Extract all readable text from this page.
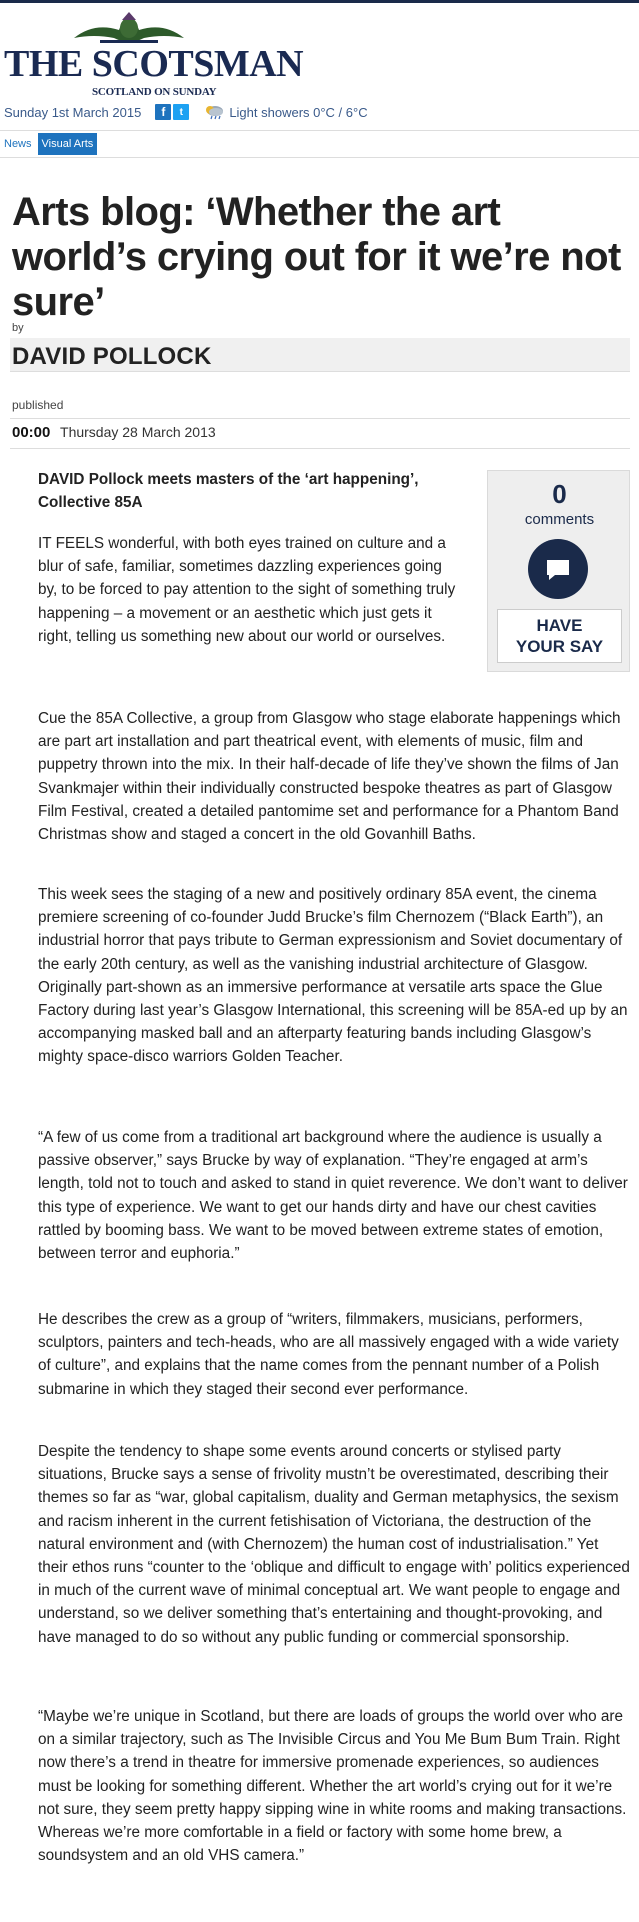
THE SCOTSMAN
SCOTLAND ON SUNDAY
Sunday 1st March 2015	f	t	Light showers 0°C / 6°C
News Visual Arts
Arts blog: ‘Whether the art world’s crying out for it we’re not sure’
by
DAVID POLLOCK
published
00:00 Thursday 28 March 2013
DAVID Pollock meets masters of the ‘art happening’, Collective 85A
IT FEELS wonderful, with both eyes trained on culture and a blur of safe, familiar, sometimes dazzling experiences going by, to be forced to pay attention to the sight of something truly happening – a movement or an aesthetic which just gets it right, telling us something new about our world or ourselves.
Cue the 85A Collective, a group from Glasgow who stage elaborate happenings which are part art installation and part theatrical event, with elements of music, film and puppetry thrown into the mix. In their half-decade of life they’ve shown the films of Jan Svankmajer within their individually constructed bespoke theatres as part of Glasgow Film Festival, created a detailed pantomime set and performance for a Phantom Band Christmas show and staged a concert in the old Govanhill Baths.
This week sees the staging of a new and positively ordinary 85A event, the cinema premiere screening of co-founder Judd Brucke’s film Chernozem (“Black Earth”), an industrial horror that pays tribute to German expressionism and Soviet documentary of the early 20th century, as well as the vanishing industrial architecture of Glasgow. Originally part-shown as an immersive performance at versatile arts space the Glue Factory during last year’s Glasgow International, this screening will be 85A-ed up by an accompanying masked ball and an afterparty featuring bands including Glasgow’s mighty space-disco warriors Golden Teacher.
“A few of us come from a traditional art background where the audience is usually a passive observer,” says Brucke by way of explanation. “They’re engaged at arm’s length, told not to touch and asked to stand in quiet reverence. We don’t want to deliver this type of experience. We want to get our hands dirty and have our chest cavities rattled by booming bass. We want to be moved between extreme states of emotion, between terror and euphoria.”
He describes the crew as a group of “writers, filmmakers, musicians, performers, sculptors, painters and tech-heads, who are all massively engaged with a wide variety of culture”, and explains that the name comes from the pennant number of a Polish submarine in which they staged their second ever performance.
Despite the tendency to shape some events around concerts or stylised party situations, Brucke says a sense of frivolity mustn’t be overestimated, describing their themes so far as “war, global capitalism, duality and German metaphysics, the sexism and racism inherent in the current fetishisation of Victoriana, the destruction of the natural environment and (with Chernozem) the human cost of industrialisation.” Yet their ethos runs “counter to the ‘oblique and difficult to engage with’ politics experienced in much of the current wave of minimal conceptual art. We want people to engage and understand, so we deliver something that’s entertaining and thought-provoking, and have managed to do so without any public funding or commercial sponsorship.
“Maybe we’re unique in Scotland, but there are loads of groups the world over who are on a similar trajectory, such as The Invisible Circus and You Me Bum Bum Train. Right now there’s a trend in theatre for immersive promenade experiences, so audiences must be looking for something different. Whether the art world’s crying out for it we’re not sure, they seem pretty happy sipping wine in white rooms and making transactions. Whereas we’re more comfortable in a field or factory with some home brew, a soundsystem and an old VHS camera.”
0
comments
HAVE
YOUR SAY
